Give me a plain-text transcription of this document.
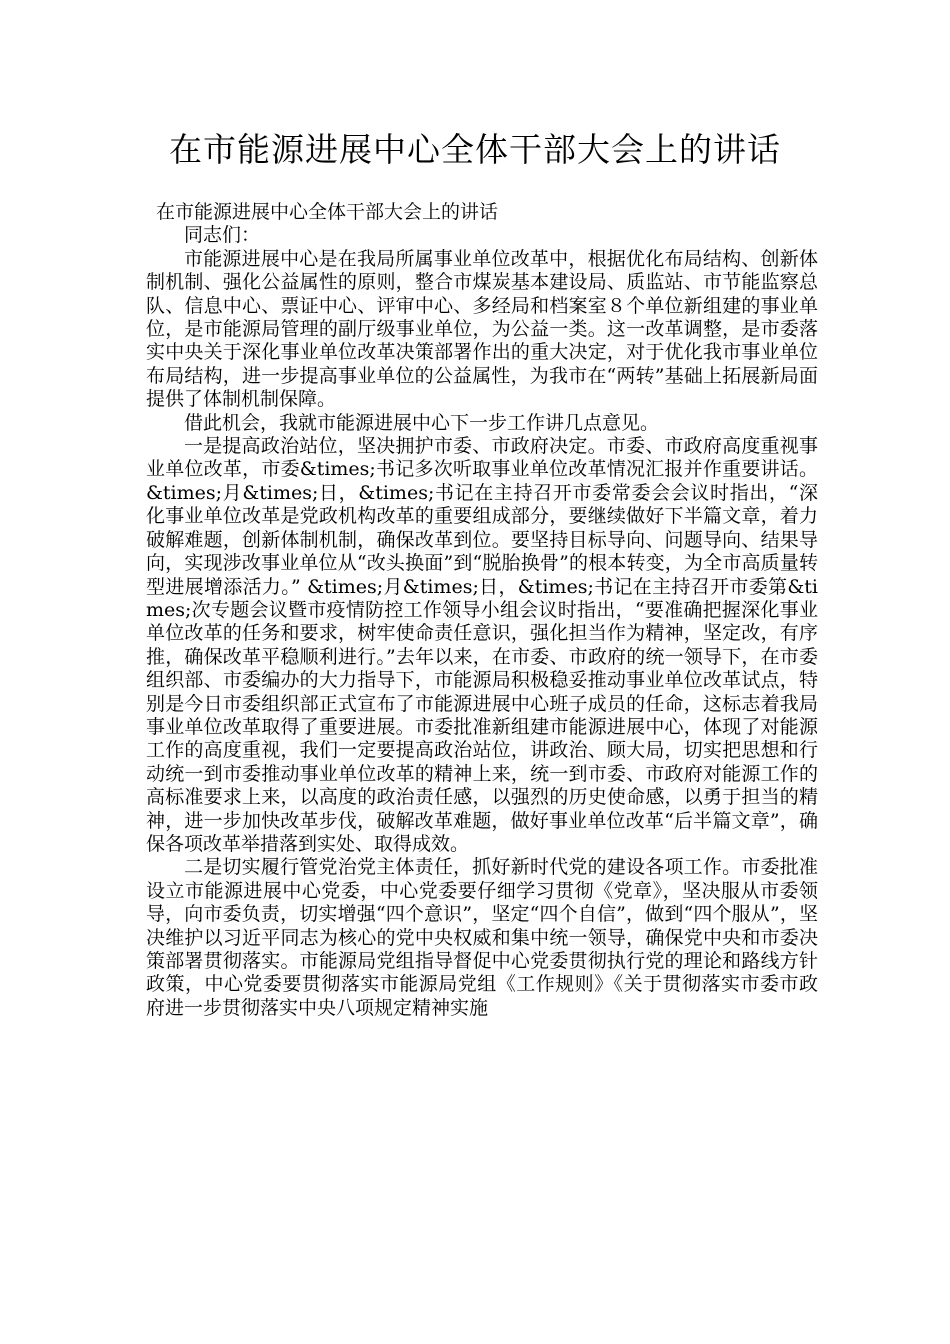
在市能源进展中心全体干部大会上的讲话

在市能源进展中心全体干部大会上的讲话

同志们：

市能源进展中心是在我局所属事业单位改革中，根据优化布局结构、创新体制机制、强化公益属性的原则，整合市煤炭基本建设局、质监站、市节能监察总队、信息中心、票证中心、评审中心、多经局和档案室８个单位新组建的事业单位，是市能源局管理的副厅级事业单位，为公益一类。这一改革调整，是市委落实中央关于深化事业单位改革决策部署作出的重大决定，对于优化我市事业单位布局结构，进一步提高事业单位的公益属性，为我市在“两转”基础上拓展新局面提供了体制机制保障。

借此机会，我就市能源进展中心下一步工作讲几点意见。

一是提高政治站位，坚决拥护市委、市政府决定。市委、市政府高度重视事业单位改革，市委&times;书记多次听取事业单位改革情况汇报并作重要讲话。&times;月&times;日，&times;书记在主持召开市委常委会会议时指出，“深化事业单位改革是党政机构改革的重要组成部分，要继续做好下半篇文章，着力破解难题，创新体制机制，确保改革到位。要坚持目标导向、问题导向、结果导向，实现涉改事业单位从“改头换面”到“脱胎换骨”的根本转变，为全市高质量转型进展增添活力。” &times;月&times;日，&times;书记在主持召开市委第&times;次专题会议暨市疫情防控工作领导小组会议时指出，“要准确把握深化事业单位改革的任务和要求，树牢使命责任意识，强化担当作为精神，坚定改，有序推，确保改革平稳顺利进行。”去年以来，在市委、市政府的统一领导下，在市委组织部、市委编办的大力指导下，市能源局积极稳妥推动事业单位改革试点，特别是今日市委组织部正式宣布了市能源进展中心班子成员的任命，这标志着我局事业单位改革取得了重要进展。市委批准新组建市能源进展中心，体现了对能源工作的高度重视，我们一定要提高政治站位，讲政治、顾大局，切实把思想和行动统一到市委推动事业单位改革的精神上来，统一到市委、市政府对能源工作的高标准要求上来，以高度的政治责任感，以强烈的历史使命感，以勇于担当的精神，进一步加快改革步伐，破解改革难题，做好事业单位改革“后半篇文章”，确保各项改革举措落到实处、取得成效。

二是切实履行管党治党主体责任，抓好新时代党的建设各项工作。市委批准设立市能源进展中心党委，中心党委要仔细学习贯彻《党章》，坚决服从市委领导，向市委负责，切实增强“四个意识”，坚定“四个自信”，做到“四个服从”，坚决维护以习近平同志为核心的党中央权威和集中统一领导，确保党中央和市委决策部署贯彻落实。市能源局党组指导督促中心党委贯彻执行党的理论和路线方针政策，中心党委要贯彻落实市能源局党组《工作规则》《关于贯彻落实市委市政府进一步贯彻落实中央八项规定精神实施
